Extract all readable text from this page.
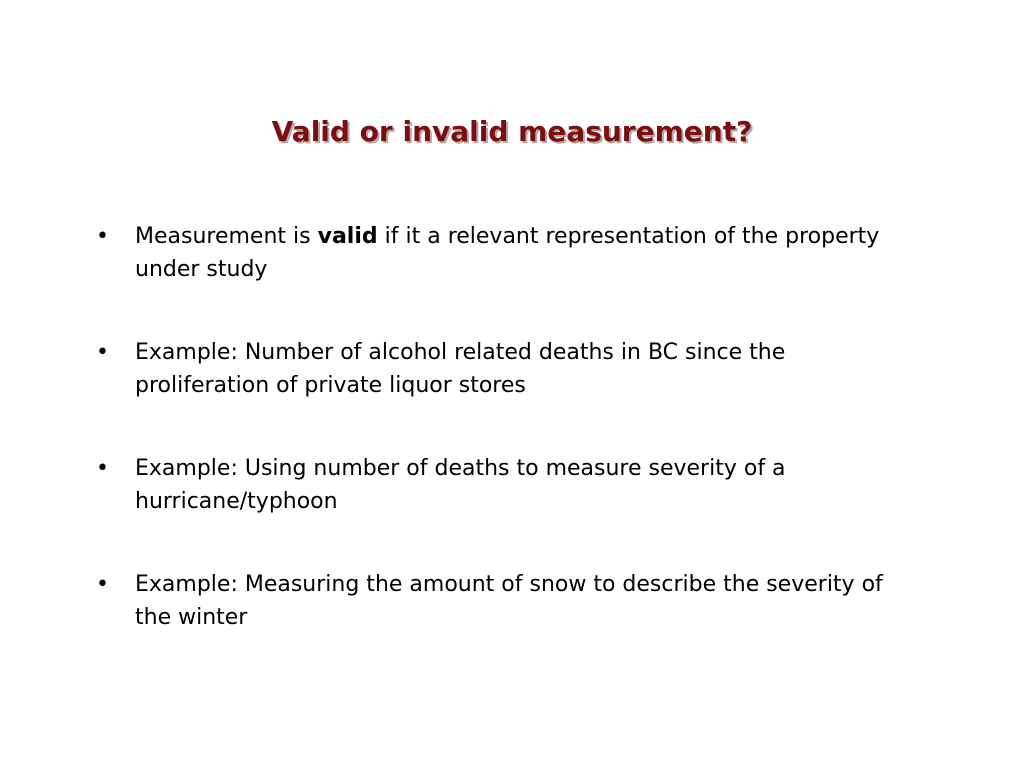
Valid or invalid measurement?
•	Measurement is valid if it a relevant representation of the property under study
•	Example: Number of alcohol related deaths in BC since the proliferation of private liquor stores
•	Example: Using number of deaths to measure severity of a hurricane/typhoon
•	Example: Measuring the amount of snow to describe the severity of the winter
